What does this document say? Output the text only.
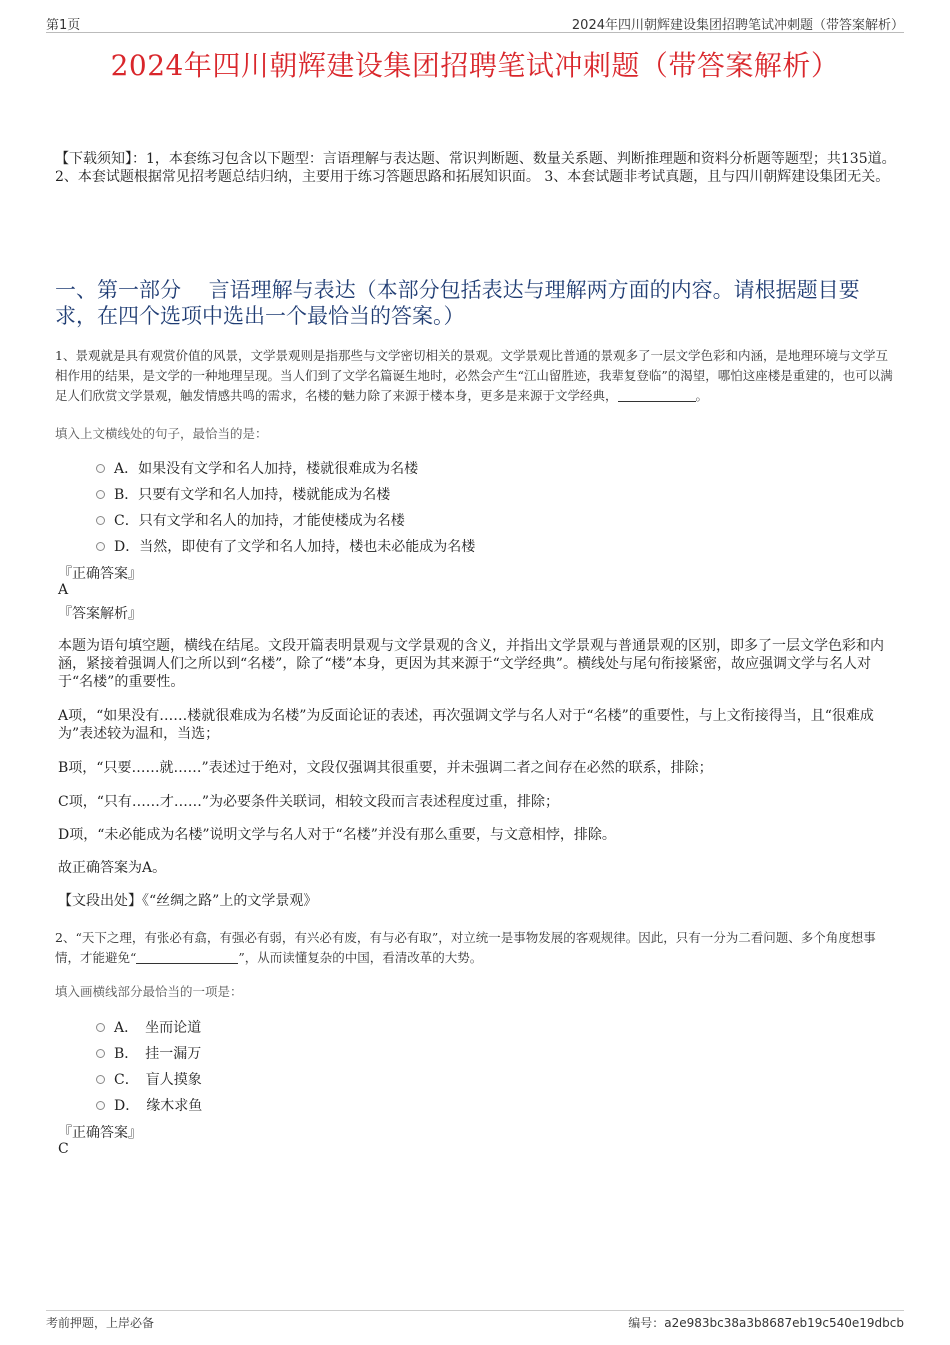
第1页	2024年四川朝辉建设集团招聘笔试冲刺题（带答案解析）
2024年四川朝辉建设集团招聘笔试冲刺题（带答案解析）
【下载须知】：1，本套练习包含以下题型：言语理解与表达题、常识判断题、数量关系题、判断推理题和资料分析题等题型；共135道。 2、本套试题根据常见招考题总结归纳，主要用于练习答题思路和拓展知识面。 3、本套试题非考试真题，且与四川朝辉建设集团无关。
一、第一部分　 言语理解与表达（本部分包括表达与理解两方面的内容。请根据题目要求，在四个选项中选出一个最恰当的答案。）
1、景观就是具有观赏价值的风景，文学景观则是指那些与文学密切相关的景观。文学景观比普通的景观多了一层文学色彩和内涵，是地理环境与文学互相作用的结果，是文学的一种地理呈现。当人们到了文学名篇诞生地时，必然会产生“江山留胜迹，我辈复登临”的渴望，哪怕这座楼是重建的，也可以满足人们欣赏文学景观，触发情感共鸣的需求，名楼的魅力除了来源于楼本身，更多是来源于文学经典，	。
填入上文横线处的句子，最恰当的是：
A．如果没有文学和名人加持，楼就很难成为名楼
B．只要有文学和名人加持，楼就能成为名楼
C．只有文学和名人的加持，才能使楼成为名楼
D．当然，即使有了文学和名人加持，楼也未必能成为名楼
『正确答案』
A
『答案解析』
本题为语句填空题，横线在结尾。文段开篇表明景观与文学景观的含义，并指出文学景观与普通景观的区别，即多了一层文学色彩和内涵，紧接着强调人们之所以到“名楼”，除了“楼”本身，更因为其来源于“文学经典”。横线处与尾句衔接紧密，故应强调文学与名人对于“名楼”的重要性。
A项，“如果没有……楼就很难成为名楼”为反面论证的表述，再次强调文学与名人对于“名楼”的重要性，与上文衔接得当，且“很难成为”表述较为温和，当选；
B项，“只要……就……”表述过于绝对，文段仅强调其很重要，并未强调二者之间存在必然的联系，排除；
C项，“只有……才……”为必要条件关联词，相较文段而言表述程度过重，排除；
D项，“未必能成为名楼”说明文学与名人对于“名楼”并没有那么重要，与文意相悖，排除。
故正确答案为A。
【文段出处】《“丝绸之路”上的文学景观》
2、“天下之理，有张必有翕，有强必有弱，有兴必有废，有与必有取”，对立统一是事物发展的客观规律。因此，只有一分为二看问题、多个角度想事情，才能避免“	”，从而读懂复杂的中国，看清改革的大势。
填入画横线部分最恰当的一项是：
A．　坐而论道
B．　挂一漏万
C．　盲人摸象
D．　缘木求鱼
『正确答案』
C
考前押题，上岸必备	编号：a2e983bc38a3b8687eb19c540e19dbcb
